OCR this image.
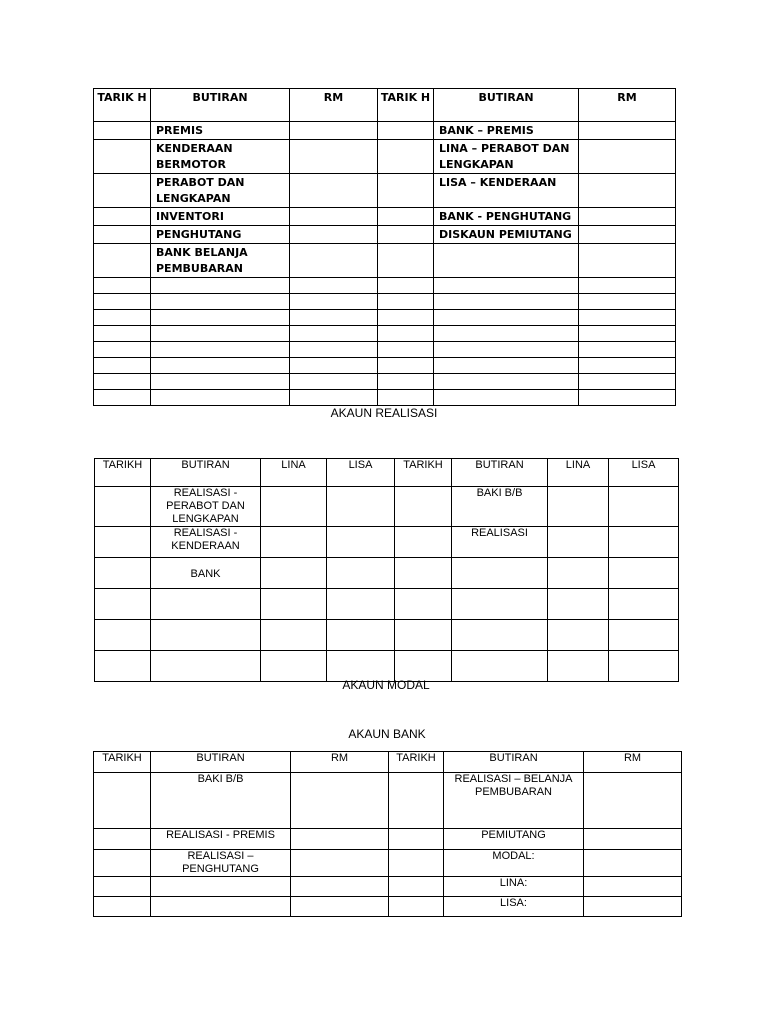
TARIK H	BUTIRAN	RM	TARIK H	BUTIRAN	RM
	PREMIS			BANK – PREMIS	
	KENDERAAN BERMOTOR			LINA – PERABOT DAN LENGKAPAN	
	PERABOT DAN LENGKAPAN			LISA – KENDERAAN	
	INVENTORI			BANK - PENGHUTANG	
	PENGHUTANG			DISKAUN PEMIUTANG	
	BANK BELANJA PEMBUBARAN				

AKAUN REALISASI
TARIKH	BUTIRAN	LINA	LISA	TARIKH	BUTIRAN	LINA	LISA
	REALISASI -PERABOT DAN LENGKAPAN				BAKI B/B		
	REALISASI - KENDERAAN				REALISASI		
	BANK						

AKAUN MODAL
AKAUN BANK
TARIKH	BUTIRAN	RM	TARIKH	BUTIRAN	RM
	BAKI B/B			REALISASI – BELANJA PEMBUBARAN	
	REALISASI - PREMIS			PEMIUTANG	
	REALISASI – PENGHUTANG			MODAL:	
				LINA:	
				LISA:	
